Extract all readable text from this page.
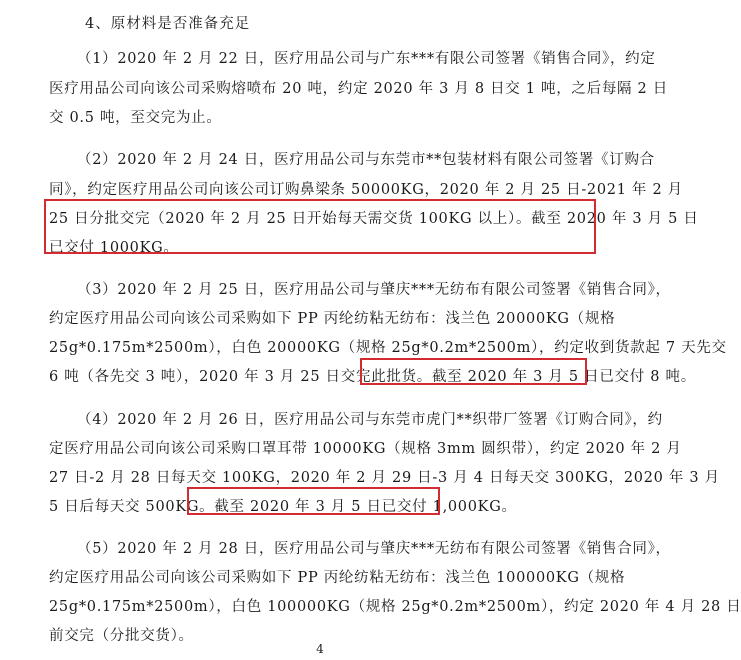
4、原材料是否准备充足
（1）2020 年 2 月 22 日，医疗用品公司与广东***有限公司签署《销售合同》，约定
医疗用品公司向该公司采购熔喷布 20 吨，约定 2020 年 3 月 8 日交 1 吨，之后每隔 2 日
交 0.5 吨，至交完为止。
（2）2020 年 2 月 24 日，医疗用品公司与东莞市**包装材料有限公司签署《订购合
同》，约定医疗用品公司向该公司订购鼻梁条 50000KG，2020 年 2 月 25 日-2021 年 2 月
25 日分批交完（2020 年 2 月 25 日开始每天需交货 100KG 以上）。截至 2020 年 3 月 5 日
已交付 1000KG。
（3）2020 年 2 月 25 日，医疗用品公司与肇庆***无纺布有限公司签署《销售合同》，
约定医疗用品公司向该公司采购如下 PP 丙纶纺粘无纺布：浅兰色 20000KG（规格
25g*0.175m*2500m），白色 20000KG（规格 25g*0.2m*2500m），约定收到货款起 7 天先交
6 吨（各先交 3 吨），2020 年 3 月 25 日交完此批货。截至 2020 年 3 月 5 日已交付 8 吨。
（4）2020 年 2 月 26 日，医疗用品公司与东莞市虎门**织带厂签署《订购合同》，约
定医疗用品公司向该公司采购口罩耳带 10000KG（规格 3mm 圆织带），约定 2020 年 2 月
27 日-2 月 28 日每天交 100KG，2020 年 2 月 29 日-3 月 4 日每天交 300KG，2020 年 3 月
5 日后每天交 500KG。截至 2020 年 3 月 5 日已交付 1,000KG。
（5）2020 年 2 月 28 日，医疗用品公司与肇庆***无纺布有限公司签署《销售合同》，
约定医疗用品公司向该公司采购如下 PP 丙纶纺粘无纺布：浅兰色 100000KG（规格
25g*0.175m*2500m），白色 100000KG（规格 25g*0.2m*2500m），约定 2020 年 4 月 28 日
前交完（分批交货）。
4
